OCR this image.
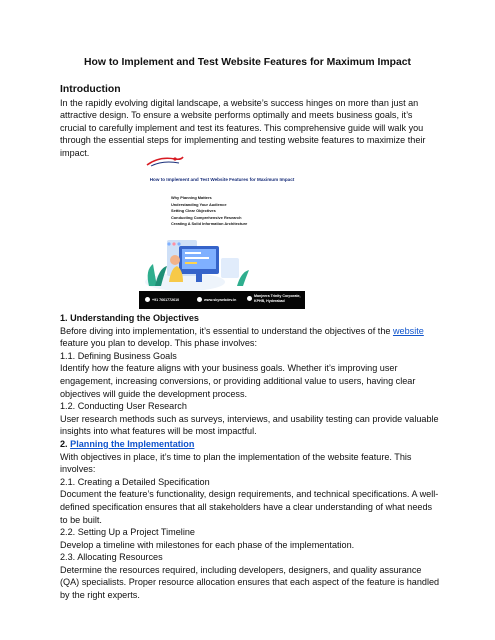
How to Implement and Test Website Features for Maximum Impact

Introduction

In the rapidly evolving digital landscape, a website’s success hinges on more than just an attractive design. To ensure a website performs optimally and meets business goals, it’s crucial to carefully implement and test its features. This comprehensive guide will walk you through the essential steps for implementing and testing website features to maximize their impact.

How to Implement and Test Website Features for Maximum Impact
Why Planning Matters
Understanding Your Audience
Setting Clear Objectives
Conducting Comprehensive Research
Creating A Solid Information Architecture
+91 7661772610	www.skywebdev.in
Manjeera Trinity Corporate,
KPHB, Hyderabad

1. Understanding the Objectives

Before diving into implementation, it’s essential to understand the objectives of the website feature you plan to develop. This phase involves:

1.1. Defining Business Goals

Identify how the feature aligns with your business goals. Whether it’s improving user engagement, increasing conversions, or providing additional value to users, having clear objectives will guide the development process.

1.2. Conducting User Research

User research methods such as surveys, interviews, and usability testing can provide valuable insights into what features will be most impactful.

2. Planning the Implementation

With objectives in place, it’s time to plan the implementation of the website feature. This involves:

2.1. Creating a Detailed Specification

Document the feature’s functionality, design requirements, and technical specifications. A well-defined specification ensures that all stakeholders have a clear understanding of what needs to be built.

2.2. Setting Up a Project Timeline

Develop a timeline with milestones for each phase of the implementation.

2.3. Allocating Resources

Determine the resources required, including developers, designers, and quality assurance (QA) specialists. Proper resource allocation ensures that each aspect of the feature is handled by the right experts.
